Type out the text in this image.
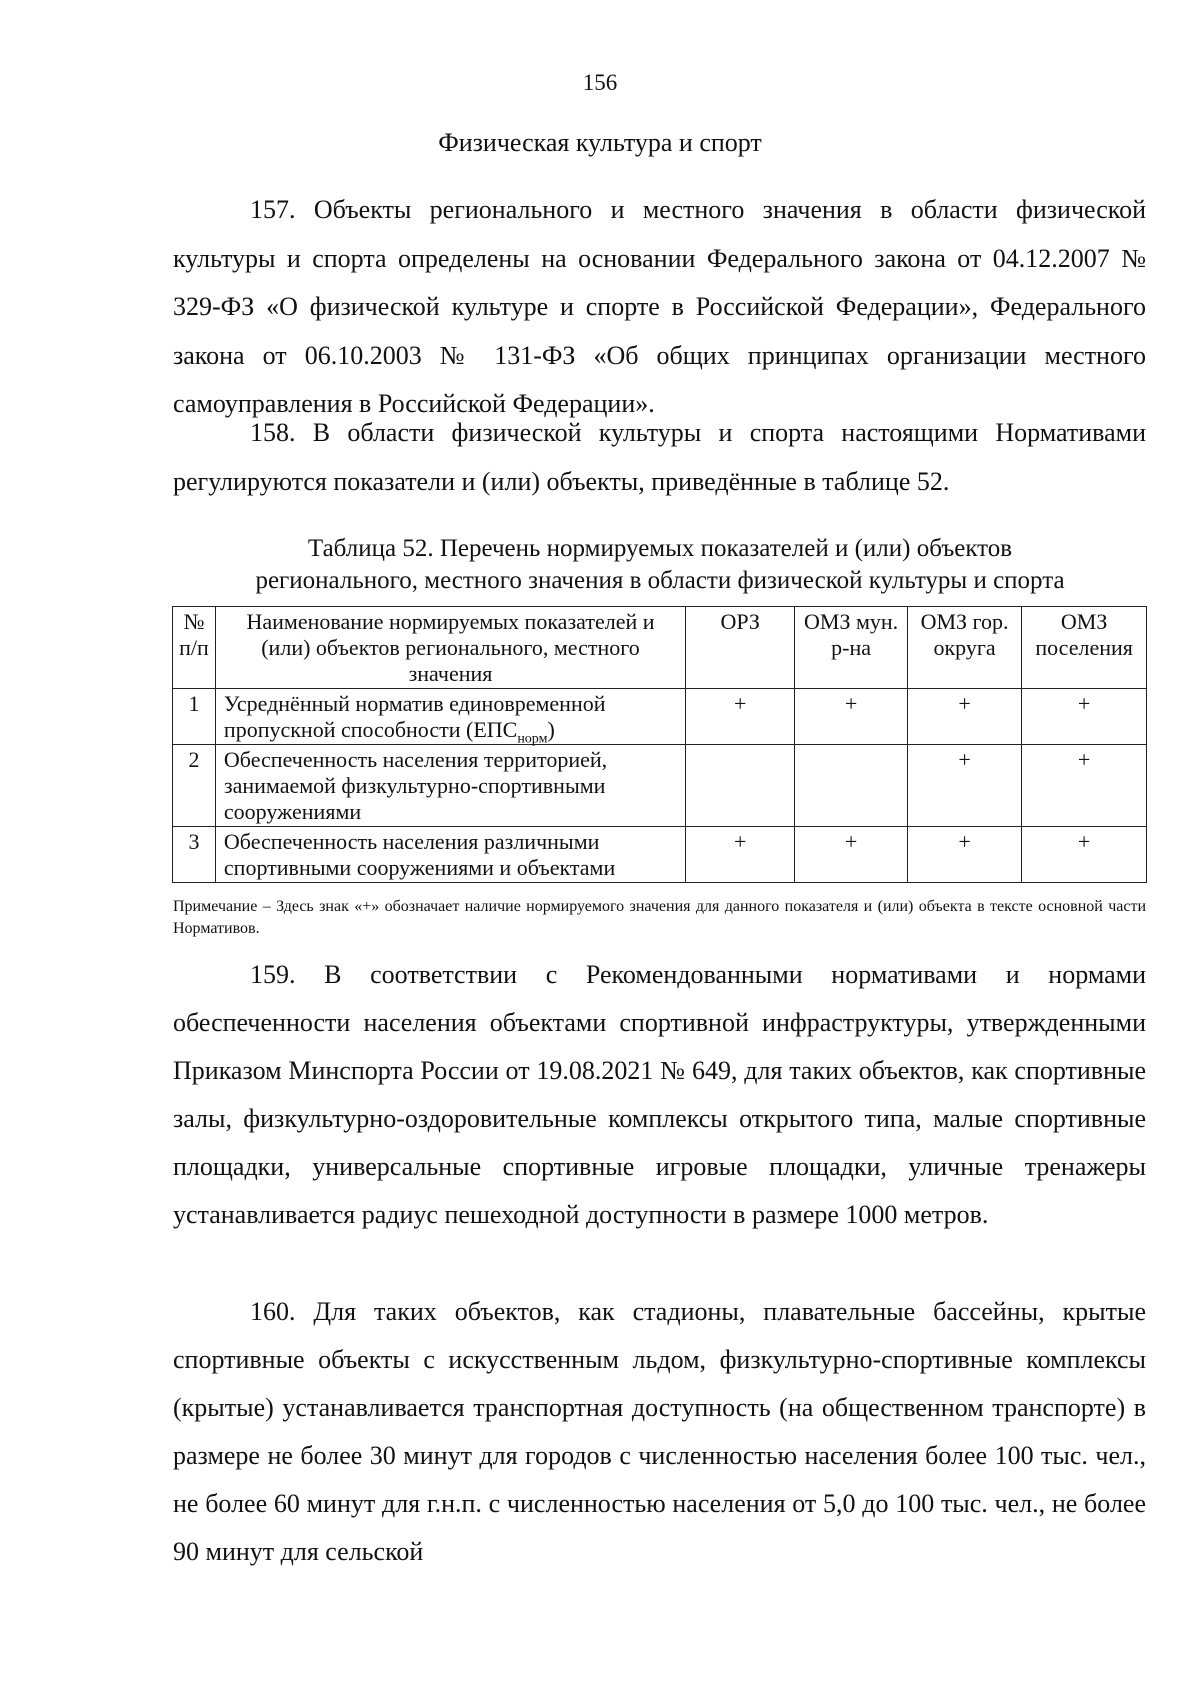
156
Физическая культура и спорт

157. Объекты регионального и местного значения в области физической культуры и спорта определены на основании Федерального закона от 04.12.2007 № 329-ФЗ «О физической культуре и спорте в Российской Федерации», Федерального закона от 06.10.2003 № 131-ФЗ «Об общих принципах организации местного самоуправления в Российской Федерации».

158. В области физической культуры и спорта настоящими Нормативами регулируются показатели и (или) объекты, приведённые в таблице 52.

Таблица 52. Перечень нормируемых показателей и (или) объектов
регионального, местного значения в области физической культуры и спорта
№ п/п	Наименование нормируемых показателей и (или) объектов регионального, местного значения	ОРЗ	ОМЗ мун. р-на	ОМЗ гор. округа	ОМЗ поселения
1	Усреднённый норматив единовременной пропускной способности $(ЕПС_{норм})$	+	+	+	+
2	Обеспеченность населения территорией, занимаемой физкультурно-спортивными сооружениями			+	+
3	Обеспеченность населения различными спортивными сооружениями и объектами	+	+	+	+
Примечание – Здесь знак «+» обозначает наличие нормируемого значения для данного показателя и (или) объекта в тексте основной части Нормативов.

159. В соответствии с Рекомендованными нормативами и нормами обеспеченности населения объектами спортивной инфраструктуры, утвержденными Приказом Минспорта России от 19.08.2021 № 649, для таких объектов, как спортивные залы, физкультурно-оздоровительные комплексы открытого типа, малые спортивные площадки, универсальные спортивные игровые площадки, уличные тренажеры устанавливается радиус пешеходной доступности в размере 1000 метров.

160. Для таких объектов, как стадионы, плавательные бассейны, крытые спортивные объекты с искусственным льдом, физкультурно-спортивные комплексы (крытые) устанавливается транспортная доступность (на общественном транспорте) в размере не более 30 минут для городов с численностью населения более 100 тыс. чел., не более 60 минут для г.н.п. с численностью населения от 5,0 до 100 тыс. чел., не более 90 минут для сельской
